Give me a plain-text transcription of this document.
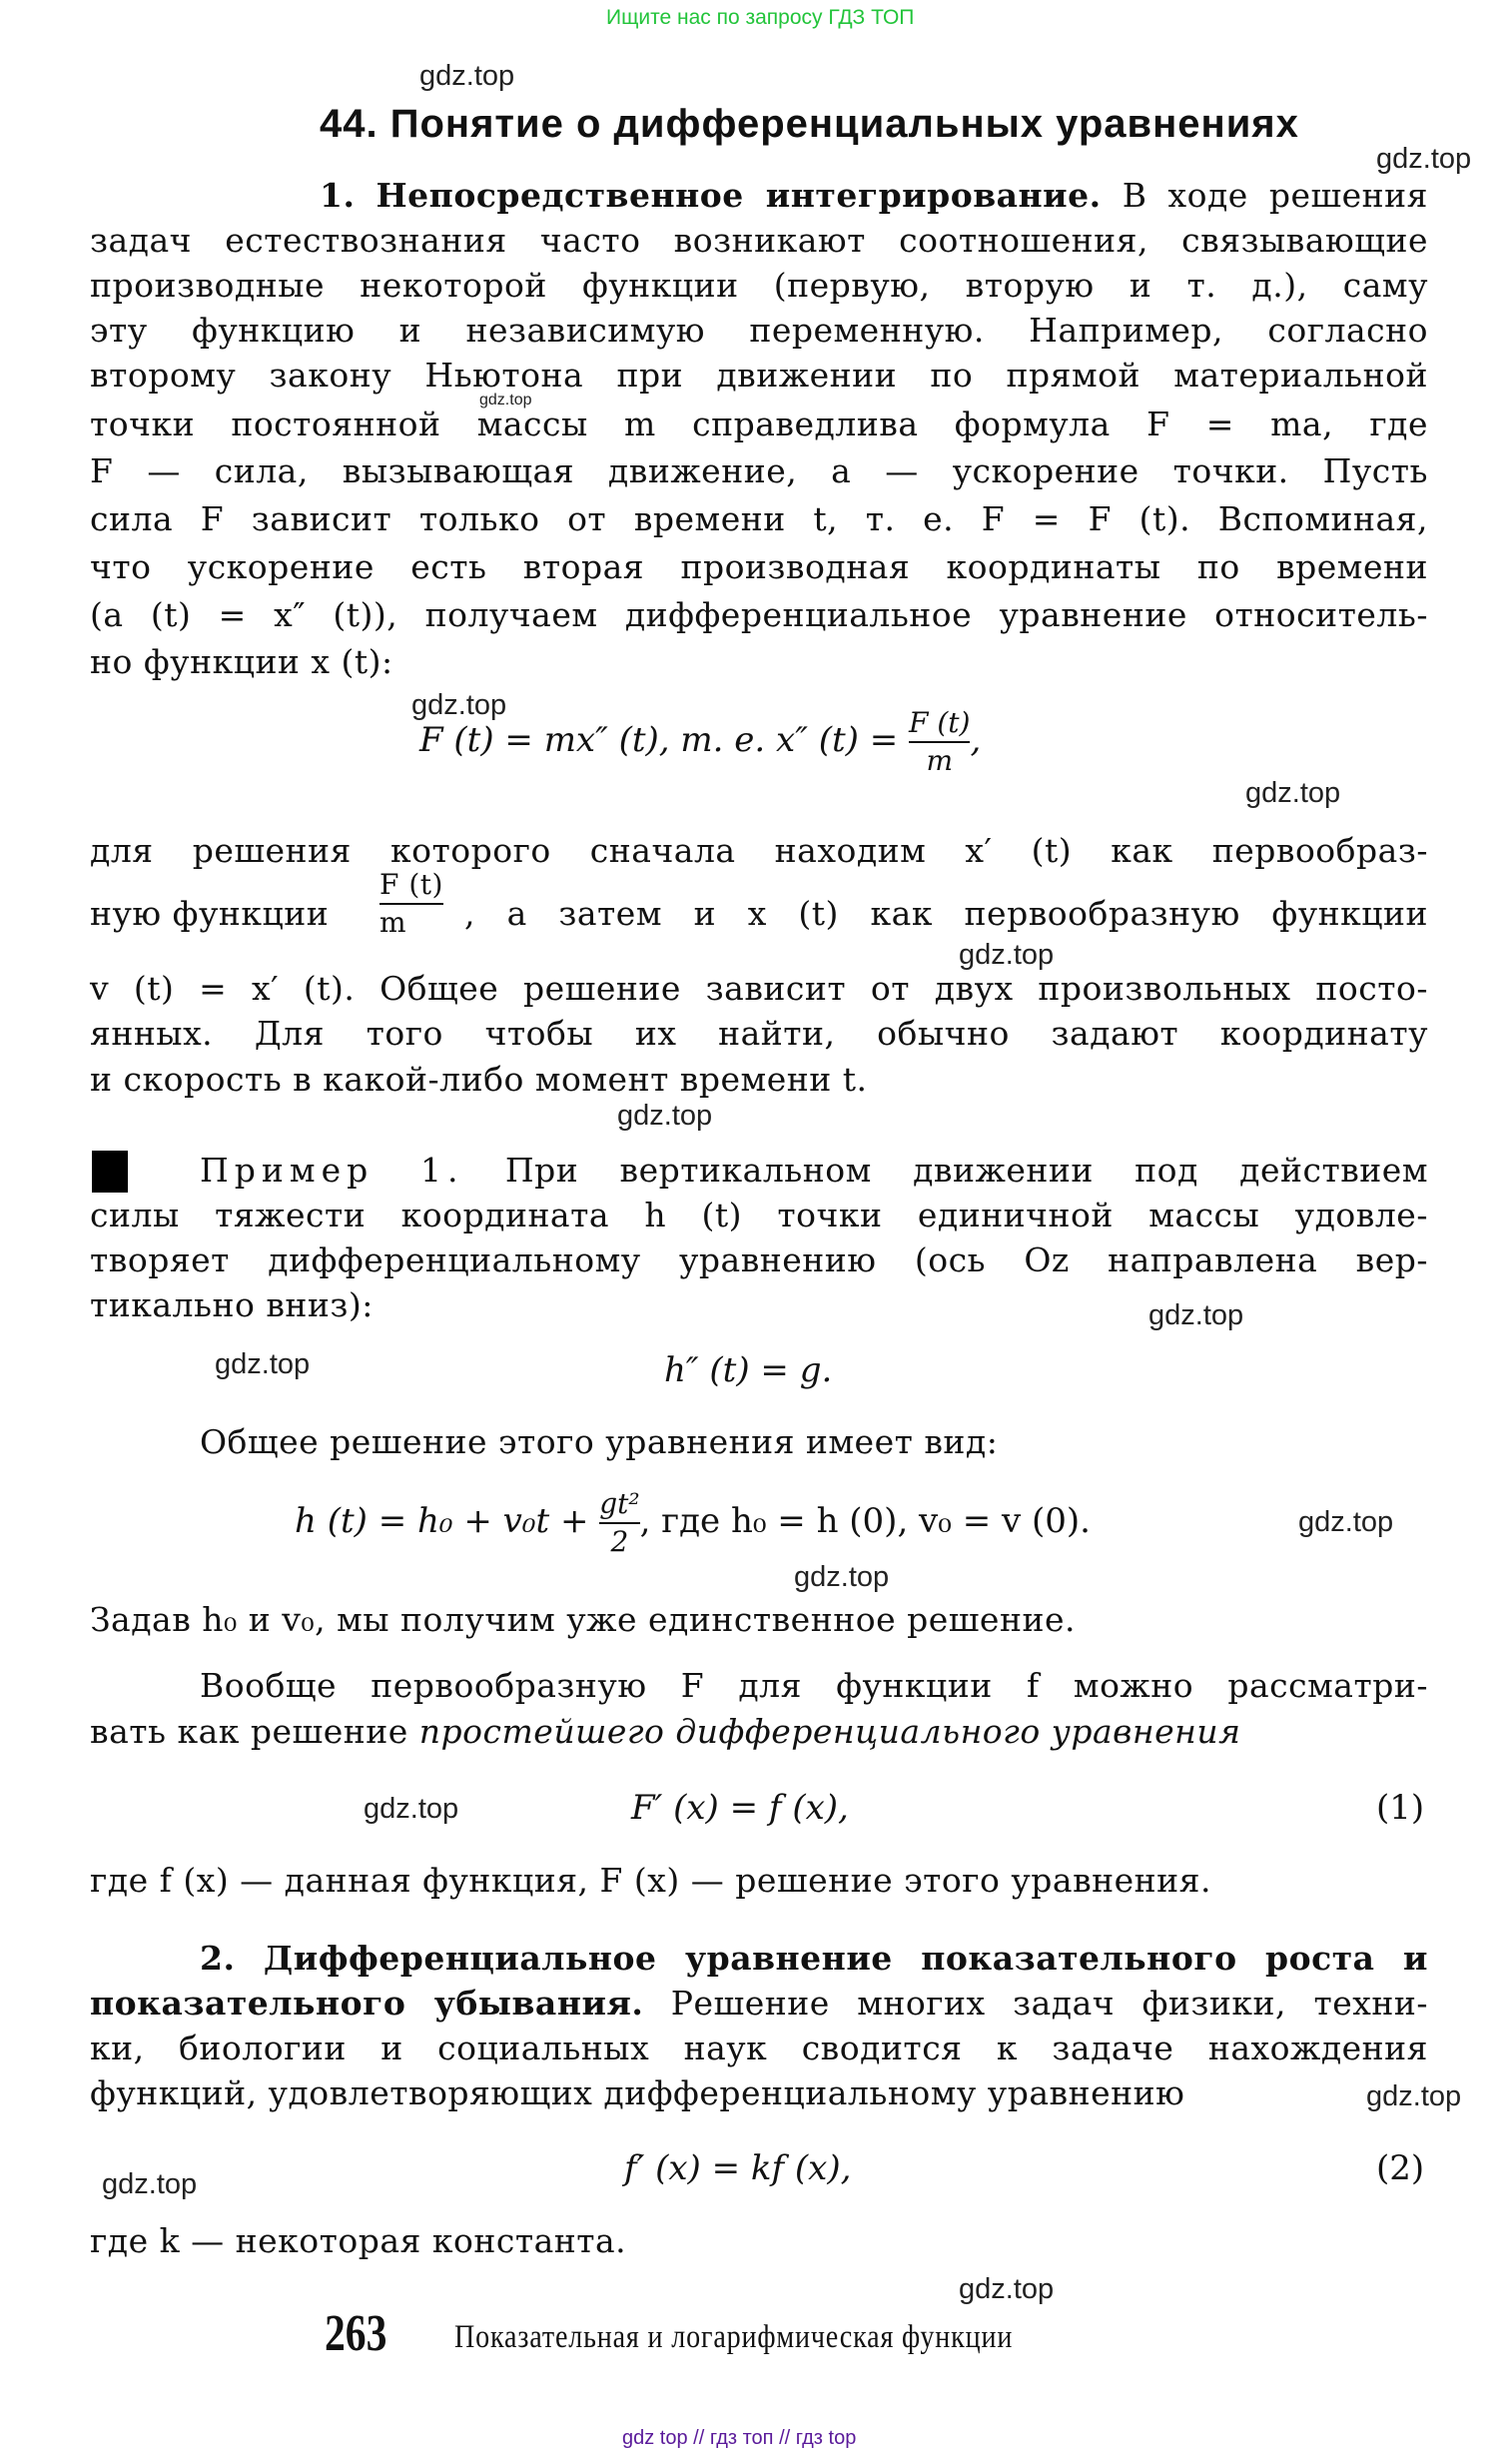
Ищите нас по запросу ГДЗ ТОП
gdz.top
gdz.top
gdz.top
gdz.top
gdz.top
gdz.top
gdz.top
gdz.top
gdz.top
gdz.top
gdz.top
gdz.top
gdz.top
gdz.top
gdz.top
44. Понятие о дифференциальных уравнениях
1. Непосредственное интегрирование. В ходе решения
задач естествознания часто возникают соотношения, связывающие
производные некоторой функции (первую, вторую и т. д.), саму
эту функцию и независимую переменную. Например, согласно
второму закону Ньютона при движении по прямой материальной
точки постоянной массы m справедлива формула F = ma, где
F — сила, вызывающая движение, a — ускорение точки. Пусть
сила F зависит только от времени t, т. е. F = F (t). Вспоминая,
что ускорение есть вторая производная координаты по времени
(a (t) = x″ (t)), получаем дифференциальное уравнение относитель-
но функции x (t):
F (t) = mx″ (t), т. е. x″ $(t) = \frac{F (t)}{m}$ ,
для решения которого сначала находим x′ (t) как первообраз-
ную функции
F (t)
m	, а затем и x (t) как первообразную функции
v (t) = x′ (t). Общее решение зависит от двух произвольных посто-
янных. Для того чтобы их найти, обычно задают координату
и скорость в какой-либо момент времени t.
Пример 1. При вертикальном движении под действием
силы тяжести координата h (t) точки единичной массы удовле-
творяет дифференциальному уравнению (ось Oz направлена вер-
тикально вниз):
h″ (t) = g.
Общее решение этого уравнения имеет вид:
h $(t) = h_0 + v_0t + \frac{\text{gt²}}{2}$ , где h₀ = h (0), v₀ = v (0).
Задав h₀ и v₀, мы получим уже единственное решение.
Вообще первообразную F для функции f можно рассматри-
вать как решение простейшего дифференциального уравнения
F′ (x) = f (x),	(1)
где f (x) — данная функция, F (x) — решение этого уравнения.
2. Дифференциальное уравнение показательного роста и
показательного убывания. Решение многих задач физики, техни-
ки, биологии и социальных наук сводится к задаче нахождения
функций, удовлетворяющих дифференциальному уравнению
f′ (x) = kf (x),	(2)
где k — некоторая константа.
263 Показательная и логарифмическая функции
gdz top // гдз топ // гдз top
